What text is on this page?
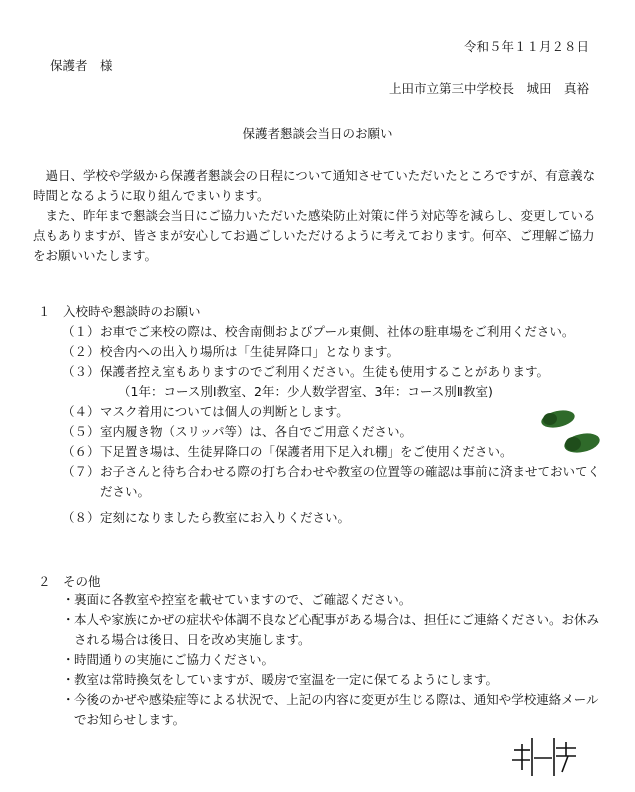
令和５年１１月２８日
保護者　様
上田市立第三中学校長　城田　真裕
保護者懇談会当日のお願い

過日、学校や学級から保護者懇談会の日程について通知させていただいたところですが、有意義な時間となるように取り組んでまいります。

また、昨年まで懇談会当日にご協力いただいた感染防止対策に伴う対応等を減らし、変更している点もありますが、皆さまが安心してお過ごしいただけるように考えております。何卒、ご理解ご協力をお願いいたします。

１　入校時や懇談時のお願い
（１） お車でご来校の際は、校舎南側およびプール東側、社体の駐車場をご利用ください。
（２） 校舎内への出入り場所は「生徒昇降口」となります。
（３） 保護者控え室もありますのでご利用ください。生徒も使用することがあります。
（1年：コース別Ⅰ教室、2年：少人数学習室、3年：コース別Ⅱ教室)
（４） マスク着用については個人の判断とします。
（５） 室内履き物（スリッパ等）は、各自でご用意ください。
（６） 下足置き場は、生徒昇降口の「保護者用下足入れ棚」をご使用ください。
（７） お子さんと待ち合わせる際の打ち合わせや教室の位置等の確認は事前に済ませておいてください。
（８） 定刻になりましたら教室にお入りください。
２　その他
・ 裏面に各教室や控室を載せていますので、ご確認ください。
・ 本人や家族にかぜの症状や体調不良など心配事がある場合は、担任にご連絡ください。お休みされる場合は後日、日を改め実施します。
・ 時間通りの実施にご協力ください。
・ 教室は常時換気をしていますが、暖房で室温を一定に保てるようにします。
・ 今後のかぜや感染症等による状況で、上記の内容に変更が生じる際は、通知や学校連絡メールでお知らせします。
